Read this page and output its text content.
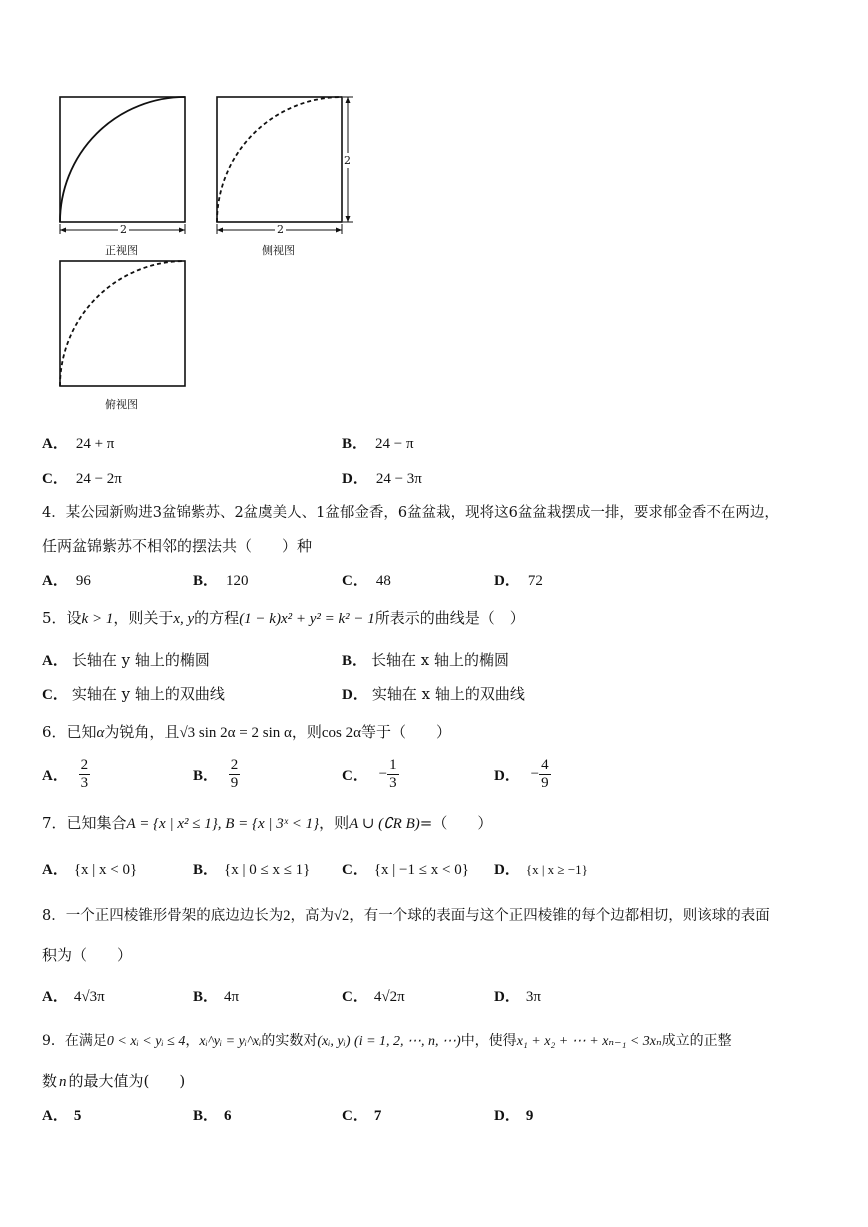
2	2
2
正视图	侧视图
俯视图
A． 24 + π	B． 24 − π
C． 24 − 2π	D． 24 − 3π
4．某公园新购进3盆锦紫苏、2盆虞美人、1盆郁金香，6盆盆栽，现将这6盆盆栽摆成一排，要求郁金香不在两边，
任两盆锦紫苏不相邻的摆法共（　　）种
A． 96	B． 120	C． 48	D． 72
5．设k > 1，则关于x, y的方程(1 − k)x² + y² = k² − 1所表示的曲线是（　）
A． 长轴在 y 轴上的椭圆	B． 长轴在 x 轴上的椭圆
C． 实轴在 y 轴上的双曲线	D． 实轴在 x 轴上的双曲线
6．已知α为锐角，且√3 sin 2α = 2 sin α，则cos 2α等于（　　）
A． $\frac{2}{3}$	B． $\frac{2}{9}$	C． − $\frac{1}{3}$	D． − $\frac{4}{9}$
7．已知集合A = {x | x² ≤ 1}, B = {x | 3ˣ < 1}，则A ∪ (∁R B)=（　　）
A． {x | x < 0}	B． {x | 0 ≤ x ≤ 1} C． {x | −1 ≤ x < 0} D． {x | x ≥ −1}
8．一个正四棱锥形骨架的底边边长为2，高为√2，有一个球的表面与这个正四棱锥的每个边都相切，则该球的表面
积为（　　）
A． 4√3π	B． 4π	C． 4√2π	D． 3π
9．在满足0 < xᵢ < yᵢ ≤ 4，xᵢ^yᵢ = yᵢ^xᵢ的实数对(xᵢ, yᵢ) (i = 1, 2, ⋯, n, ⋯)中，使得x₁ + x₂ + ⋯ + xₙ₋₁ < 3xₙ成立的正整
数 n 的最大值为(　　)
A． 5	B． 6	C． 7	D． 9
